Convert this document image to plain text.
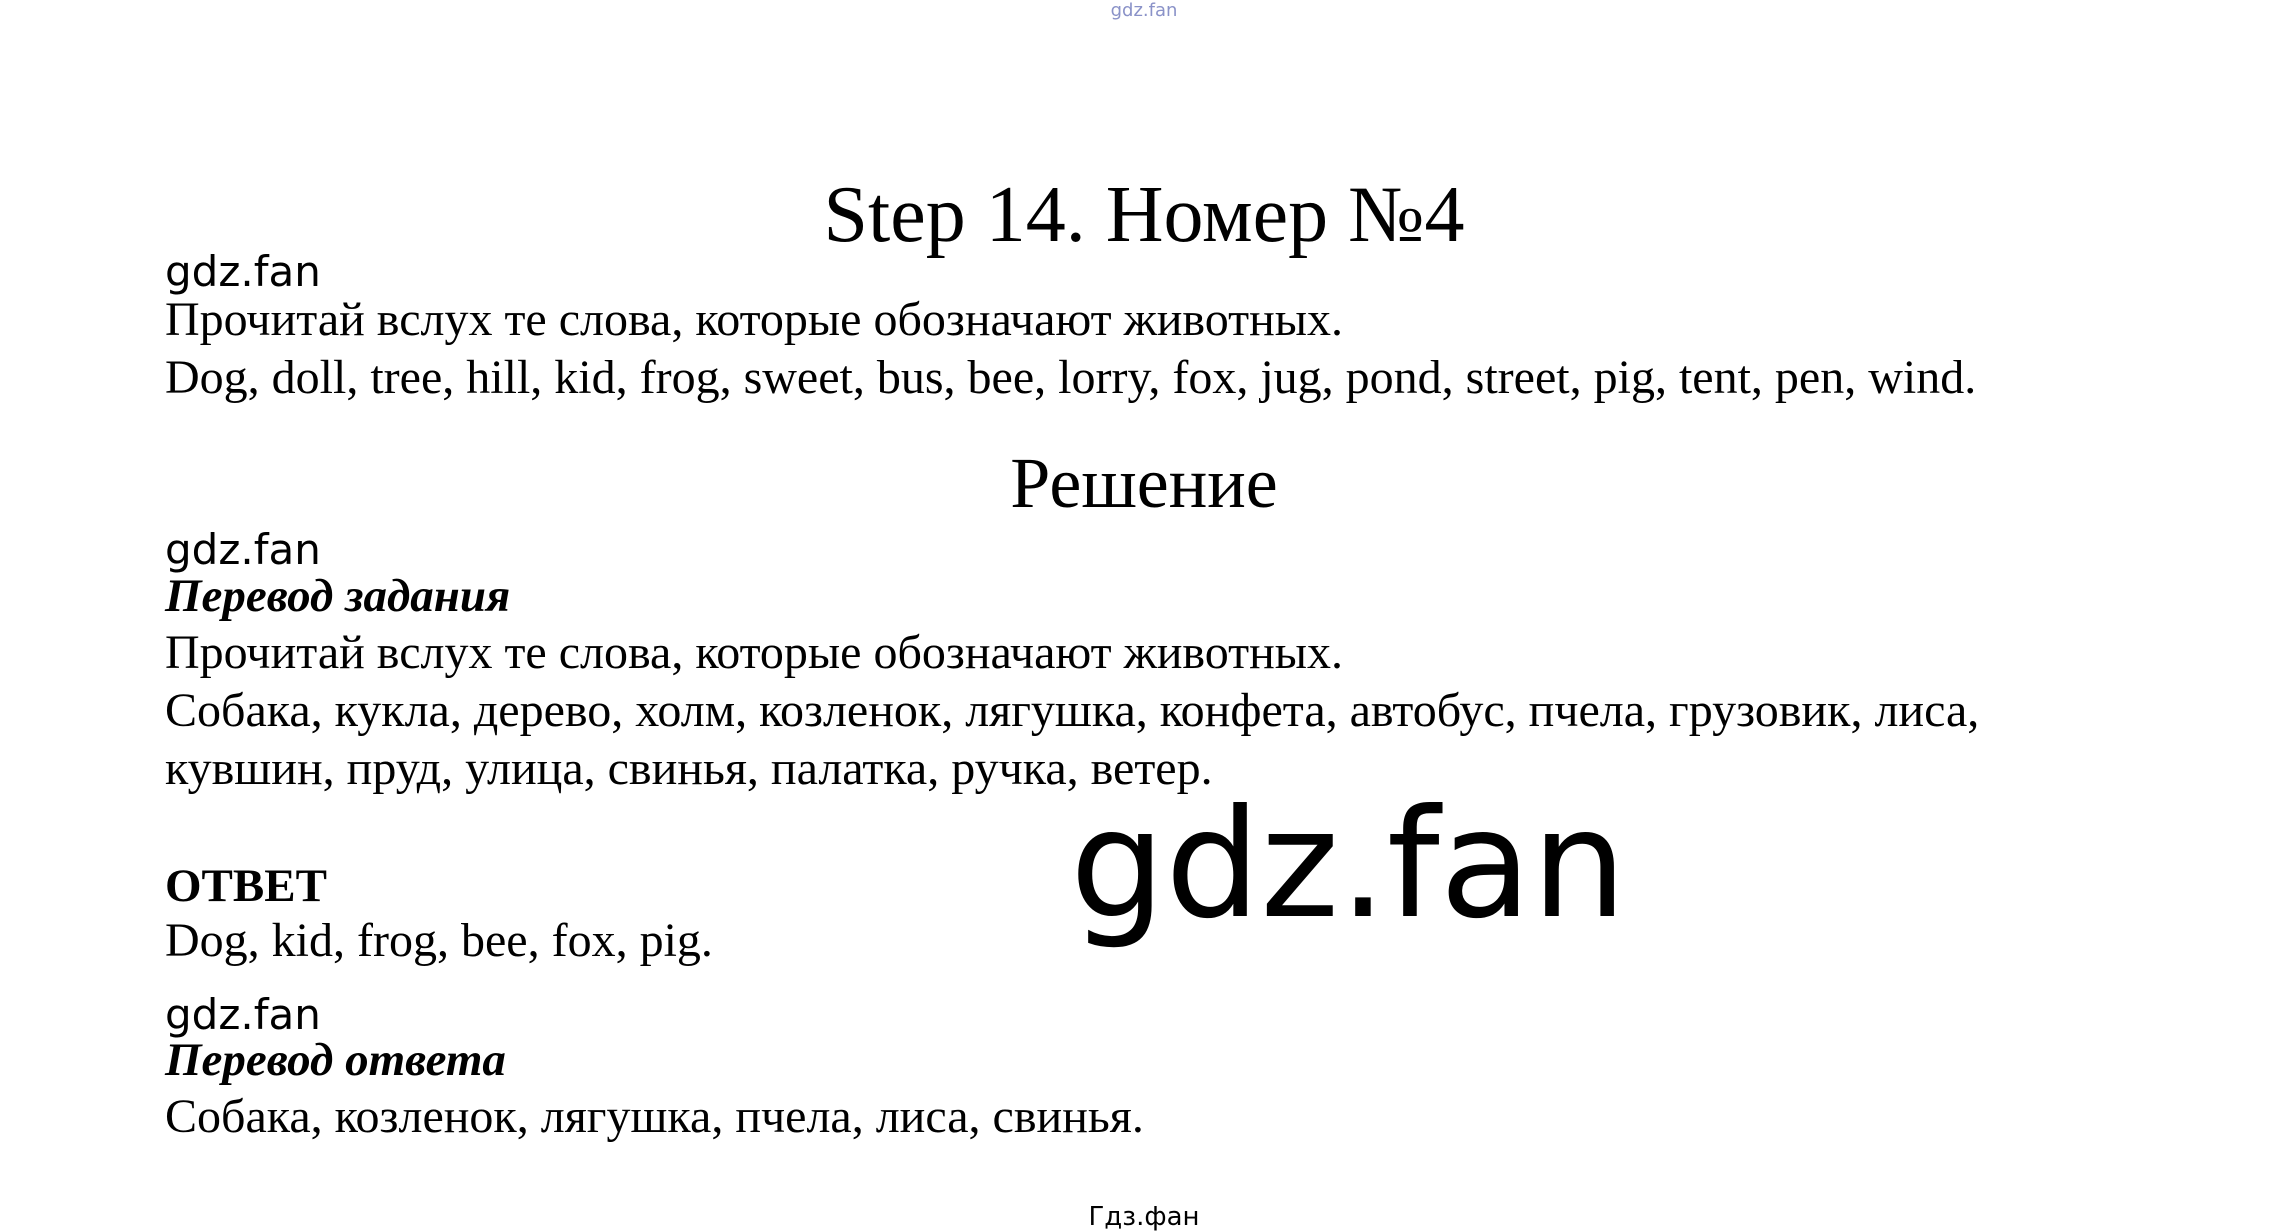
gdz.fan
Step 14. Номер №4
gdz.fan
Прочитай вслух те слова, которые обозначают животных.
Dog, doll, tree, hill, kid, frog, sweet, bus, bee, lorry, fox, jug, pond, street, pig, tent, pen, wind.
Решение
gdz.fan
Перевод задания
Прочитай вслух те слова, которые обозначают животных.
Собака, кукла, дерево, холм, козленок, лягушка, конфета, автобус, пчела, грузовик, лиса,
кувшин, пруд, улица, свинья, палатка, ручка, ветер.
gdz.fan
ОТВЕТ
Dog, kid, frog, bee, fox, pig.
gdz.fan
Перевод ответа
Собака, козленок, лягушка, пчела, лиса, свинья.
Гдз.фан
